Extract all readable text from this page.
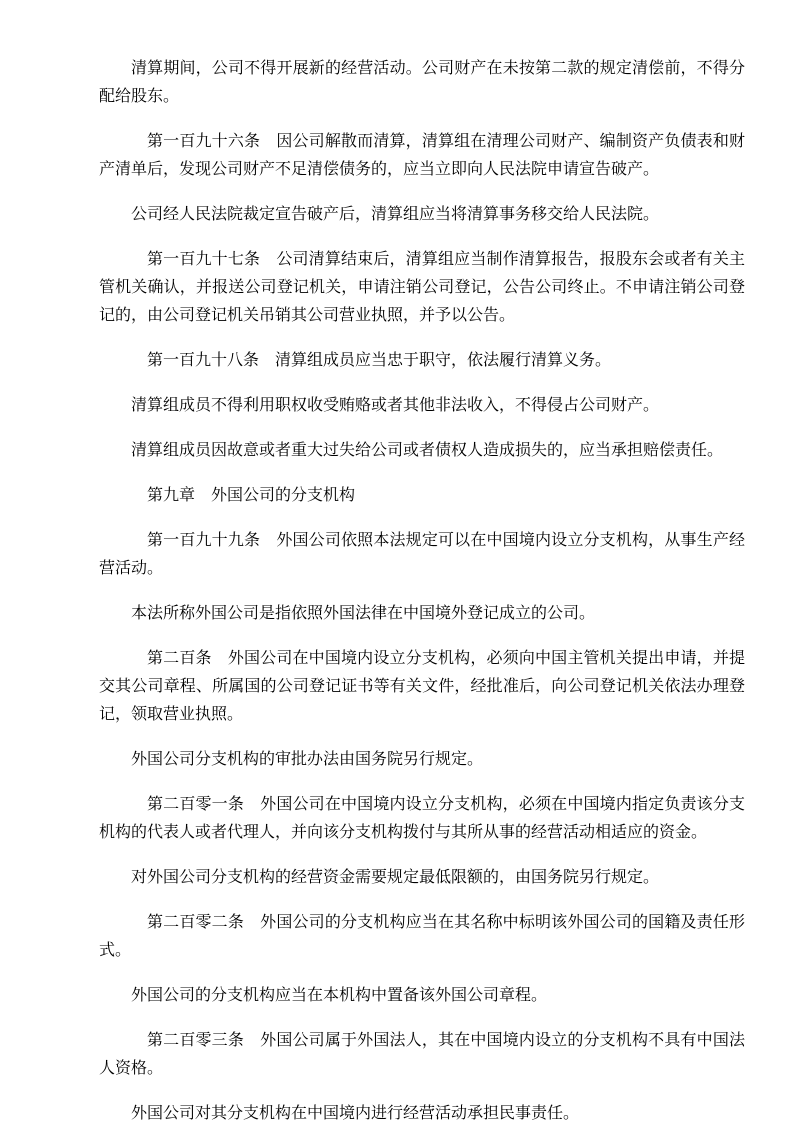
清算期间，公司不得开展新的经营活动。公司财产在未按第二款的规定清偿前，不得分配给股东。

第一百九十六条　因公司解散而清算，清算组在清理公司财产、编制资产负债表和财产清单后，发现公司财产不足清偿债务的，应当立即向人民法院申请宣告破产。

公司经人民法院裁定宣告破产后，清算组应当将清算事务移交给人民法院。

第一百九十七条　公司清算结束后，清算组应当制作清算报告，报股东会或者有关主管机关确认，并报送公司登记机关，申请注销公司登记，公告公司终止。不申请注销公司登记的，由公司登记机关吊销其公司营业执照，并予以公告。

第一百九十八条　清算组成员应当忠于职守，依法履行清算义务。

清算组成员不得利用职权收受贿赂或者其他非法收入，不得侵占公司财产。

清算组成员因故意或者重大过失给公司或者债权人造成损失的，应当承担赔偿责任。

第九章　外国公司的分支机构

第一百九十九条　外国公司依照本法规定可以在中国境内设立分支机构，从事生产经营活动。

本法所称外国公司是指依照外国法律在中国境外登记成立的公司。

第二百条　外国公司在中国境内设立分支机构，必须向中国主管机关提出申请，并提交其公司章程、所属国的公司登记证书等有关文件，经批准后，向公司登记机关依法办理登记，领取营业执照。

外国公司分支机构的审批办法由国务院另行规定。

第二百零一条　外国公司在中国境内设立分支机构，必须在中国境内指定负责该分支机构的代表人或者代理人，并向该分支机构拨付与其所从事的经营活动相适应的资金。

对外国公司分支机构的经营资金需要规定最低限额的，由国务院另行规定。

第二百零二条　外国公司的分支机构应当在其名称中标明该外国公司的国籍及责任形式。

外国公司的分支机构应当在本机构中置备该外国公司章程。

第二百零三条　外国公司属于外国法人，其在中国境内设立的分支机构不具有中国法人资格。

外国公司对其分支机构在中国境内进行经营活动承担民事责任。
